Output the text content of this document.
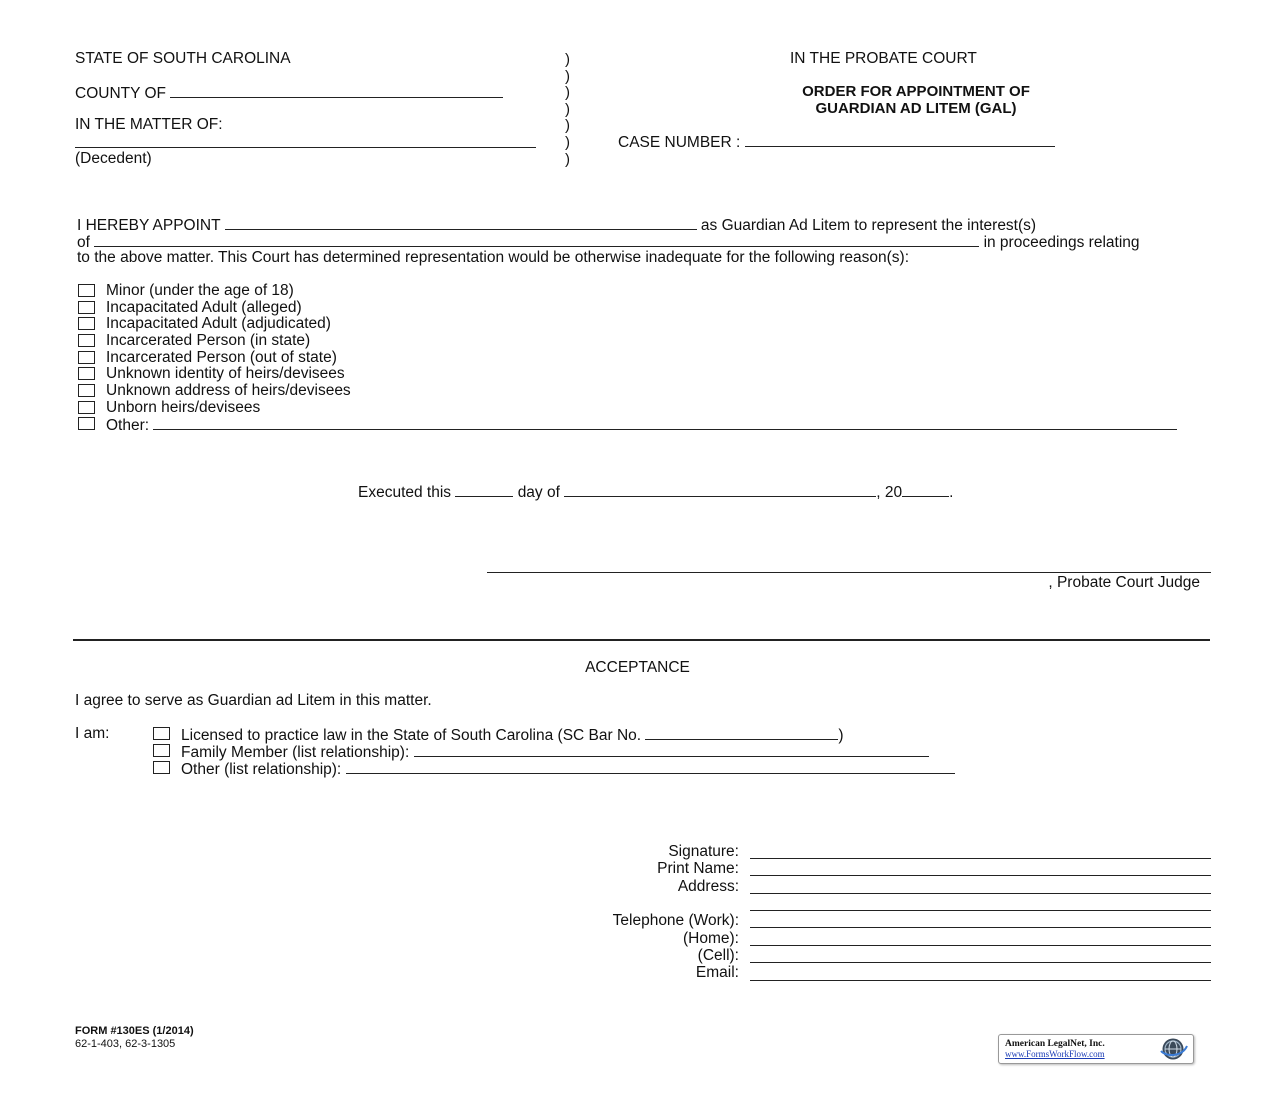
STATE OF SOUTH CAROLINA
COUNTY OF
IN THE MATTER OF:
(Decedent)
)
)
)
)
)
)
)
IN THE PROBATE COURT
ORDER FOR APPOINTMENT OF
GUARDIAN AD LITEM (GAL)
CASE NUMBER :
I HEREBY APPOINT	as Guardian Ad Litem to represent the interest(s)
of	in proceedings relating
to the above matter. This Court has determined representation would be otherwise inadequate for the following reason(s):
Minor (under the age of 18)
Incapacitated Adult (alleged)
Incapacitated Adult (adjudicated)
Incarcerated Person (in state)
Incarcerated Person (out of state)
Unknown identity of heirs/devisees
Unknown address of heirs/devisees
Unborn heirs/devisees
Other:
Executed this	day of	, 20	.
, Probate Court Judge
ACCEPTANCE
I agree to serve as Guardian ad Litem in this matter.
I am:	Licensed to practice law in the State of South Carolina (SC Bar No.	)
Family Member (list relationship):
Other (list relationship):
Signature:
Print Name:
Address:
Telephone (Work):
(Home):
(Cell):
Email:
FORM #130ES (1/2014)
62-1-403, 62-3-1305	American LegalNet, Inc.
www.FormsWorkFlow.com
